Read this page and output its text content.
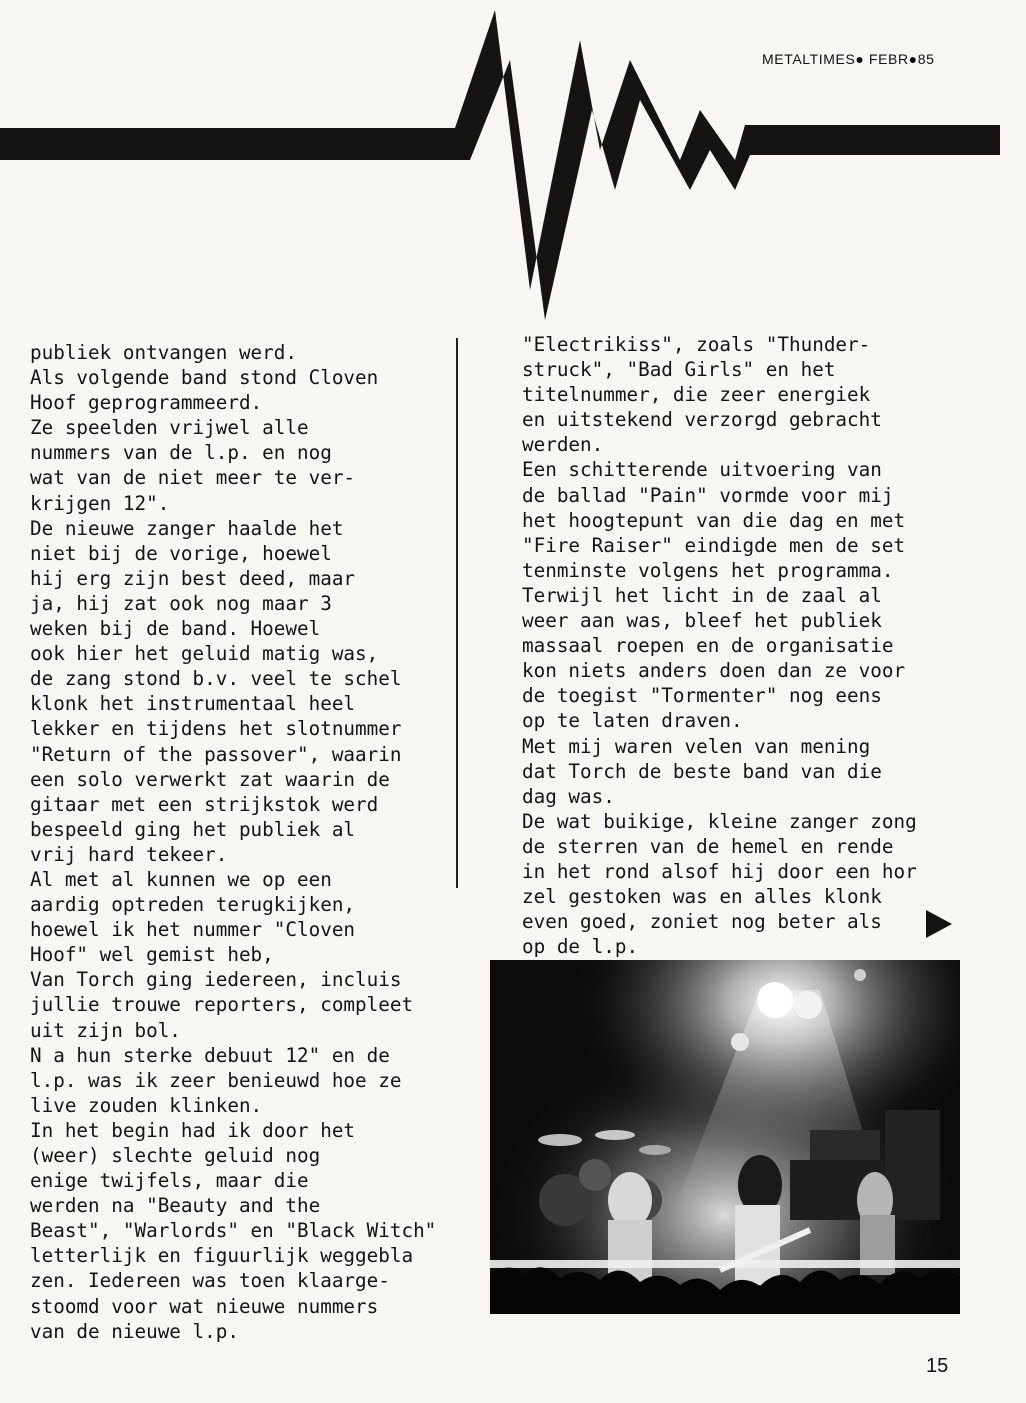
METALTIMES● FEBR●85
publiek ontvangen werd.
Als volgende band stond Cloven
Hoof geprogrammeerd.
Ze speelden vrijwel alle
nummers van de l.p. en nog
wat van de niet meer te ver-
krijgen 12".
De nieuwe zanger haalde het
niet bij de vorige, hoewel
hij erg zijn best deed, maar
ja, hij zat ook nog maar 3
weken bij de band. Hoewel
ook hier het geluid matig was,
de zang stond b.v. veel te schel
klonk het instrumentaal heel
lekker en tijdens het slotnummer
"Return of the passover", waarin
een solo verwerkt zat waarin de
gitaar met een strijkstok werd
bespeeld ging het publiek al
vrij hard tekeer.
Al met al kunnen we op een
aardig optreden terugkijken,
hoewel ik het nummer "Cloven
Hoof" wel gemist heb,
Van Torch ging iedereen, incluis
jullie trouwe reporters, compleet
uit zijn bol.
N a hun sterke debuut 12" en de
l.p. was ik zeer benieuwd hoe ze
live zouden klinken.
In het begin had ik door het
(weer) slechte geluid nog
enige twijfels, maar die
werden na "Beauty and the
Beast", "Warlords" en "Black Witch"
letterlijk en figuurlijk weggebla
zen. Iedereen was toen klaarge-
stoomd voor wat nieuwe nummers
van de nieuwe l.p.
"Electrikiss", zoals "Thunder-
struck", "Bad Girls" en het
titelnummer, die zeer energiek
en uitstekend verzorgd gebracht
werden.
Een schitterende uitvoering van
de ballad "Pain" vormde voor mij
het hoogtepunt van die dag en met
"Fire Raiser" eindigde men de set
tenminste volgens het programma.
Terwijl het licht in de zaal al
weer aan was, bleef het publiek
massaal roepen en de organisatie
kon niets anders doen dan ze voor
de toegist "Tormenter" nog eens
op te laten draven.
Met mij waren velen van mening
dat Torch de beste band van die
dag was.
De wat buikige, kleine zanger zong
de sterren van de hemel en rende
in het rond alsof hij door een hor
zel gestoken was en alles klonk
even goed, zoniet nog beter als
op de l.p.
15
